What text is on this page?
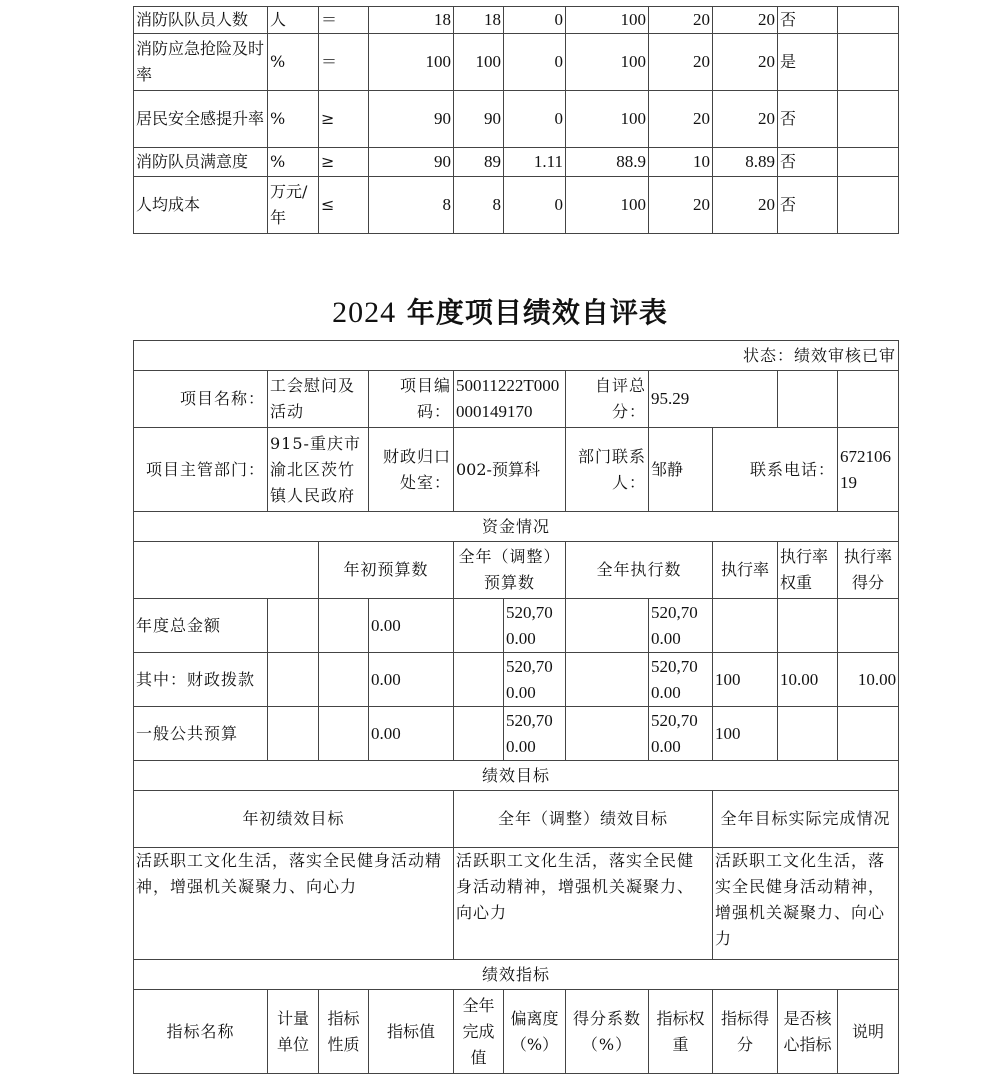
消防队队员人数	人	＝	18	18	0	100	20	20	否	
消防应急抢险及时率	%	＝	100	100	0	100	20	20	是	
居民安全感提升率	%	≥	90	90	0	100	20	20	否	
消防队员满意度	%	≥	90	89	1.11	88.9	10	8.89	否	
人均成本	万元/年	≤	8	8	0	100	20	20	否	
2024 年度项目绩效自评表
状态：绩效审核已审										
项目名称：	工会慰问及活动		项目编码：	50011222T000000149170		自评总分：	95.29			
项目主管部门：	915-重庆市渝北区茨竹镇人民政府		财政归口处室：	002-预算科		部门联系人：	邹静	联系电话：		67210619
资金情况										
		年初预算数		全年（调整）预算数		全年执行数		执行率	执行率权重	执行率得分
年度总金额			0.00		520,700.00		520,700.00			
其中：财政拨款			0.00		520,700.00		520,700.00	100	10.00	10.00
一般公共预算			0.00		520,700.00		520,700.00	100		
绩效目标										
年初绩效目标				全年（调整）绩效目标				全年目标实际完成情况		
活跃职工文化生活，落实全民健身活动精神，增强机关凝聚力、向心力				活跃职工文化生活，落实全民健身活动精神，增强机关凝聚力、向心力				活跃职工文化生活，落实全民健身活动精神，增强机关凝聚力、向心力		
绩效指标										
指标名称	计量单位	指标性质	指标值	全年完成值	偏离度（%）	得分系数（%）	指标权重	指标得分	是否核心指标	说明
